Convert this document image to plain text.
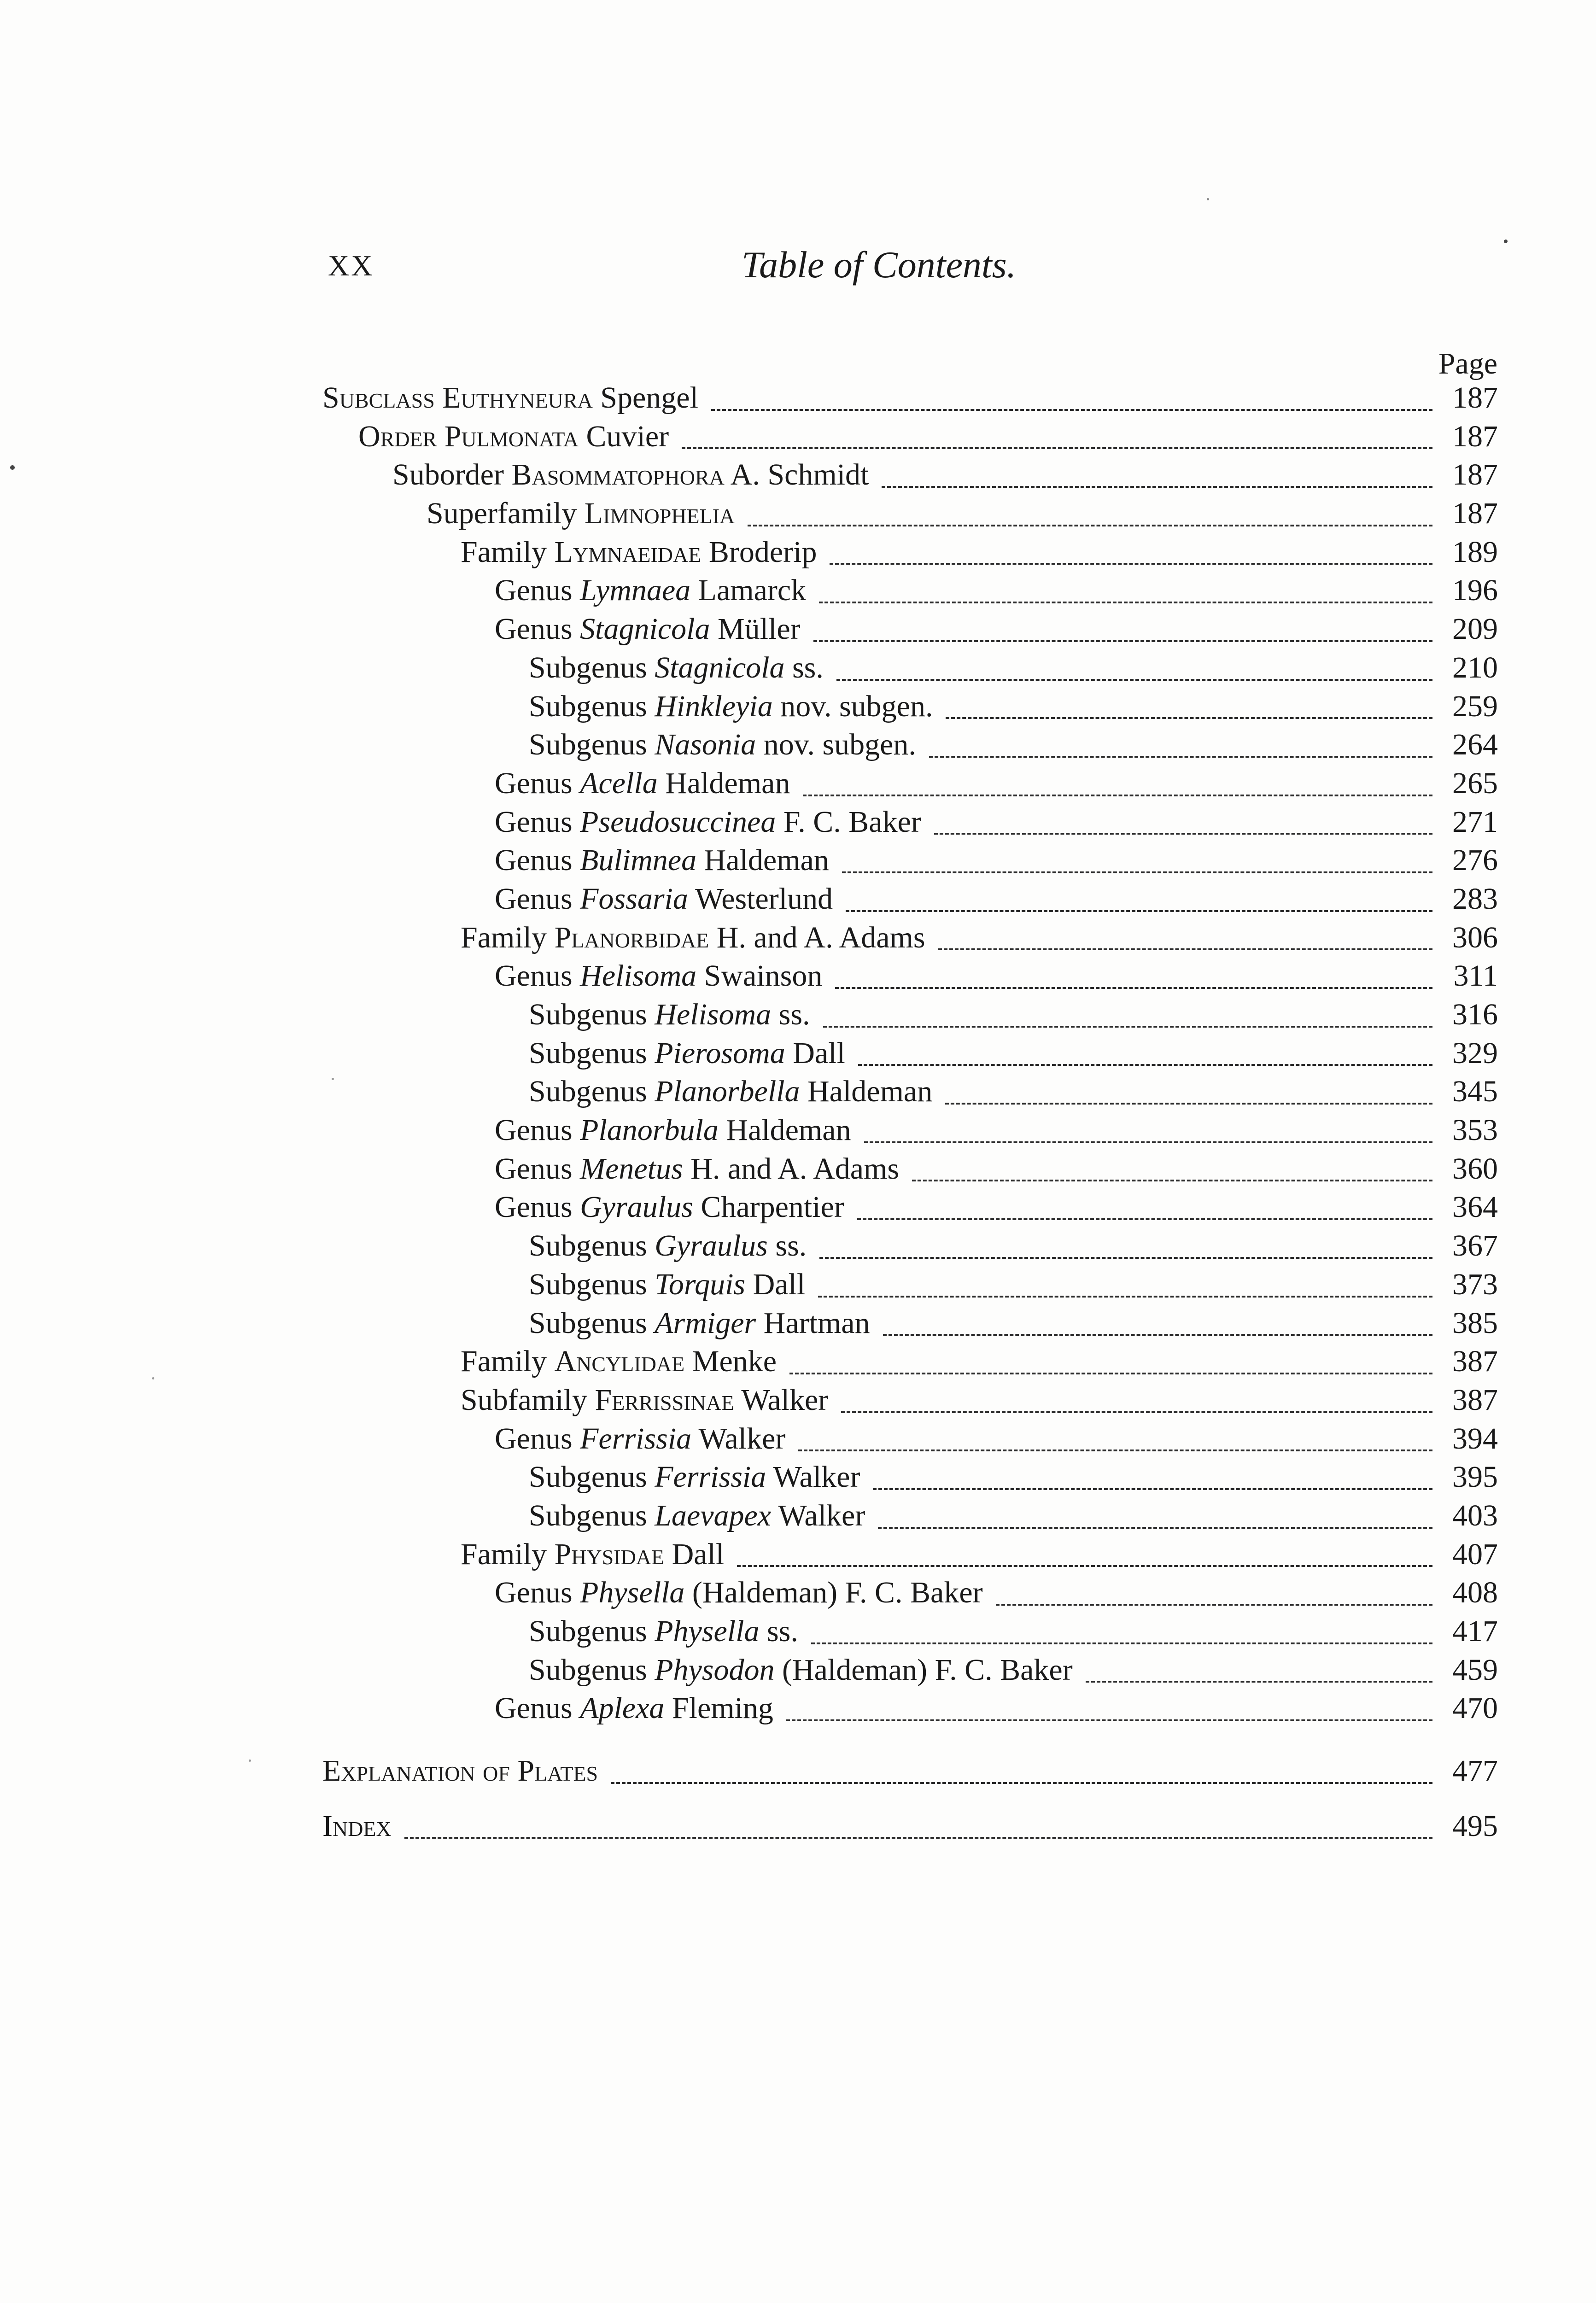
XX	Table of Contents.
Page
Subclass Euthyneura Spengel	187
Order Pulmonata Cuvier	187
Suborder Basommatophora A. Schmidt	187
Superfamily Limnophelia	187
Family Lymnaeidae Broderip	189
Genus Lymnaea Lamarck	196
Genus Stagnicola Müller	209
Subgenus Stagnicola ss.	210
Subgenus Hinkleyia nov. subgen.	259
Subgenus Nasonia nov. subgen.	264
Genus Acella Haldeman	265
Genus Pseudosuccinea F. C. Baker	271
Genus Bulimnea Haldeman	276
Genus Fossaria Westerlund	283
Family Planorbidae H. and A. Adams	306
Genus Helisoma Swainson	311
Subgenus Helisoma ss.	316
Subgenus Pierosoma Dall	329
Subgenus Planorbella Haldeman	345
Genus Planorbula Haldeman	353
Genus Menetus H. and A. Adams	360
Genus Gyraulus Charpentier	364
Subgenus Gyraulus ss.	367
Subgenus Torquis Dall	373
Subgenus Armiger Hartman	385
Family Ancylidae Menke	387
Subfamily Ferrissinae Walker	387
Genus Ferrissia Walker	394
Subgenus Ferrissia Walker	395
Subgenus Laevapex Walker	403
Family Physidae Dall	407
Genus Physella (Haldeman) F. C. Baker	408
Subgenus Physella ss.	417
Subgenus Physodon (Haldeman) F. C. Baker	459
Genus Aplexa Fleming	470
Explanation of Plates	477
Index	495
